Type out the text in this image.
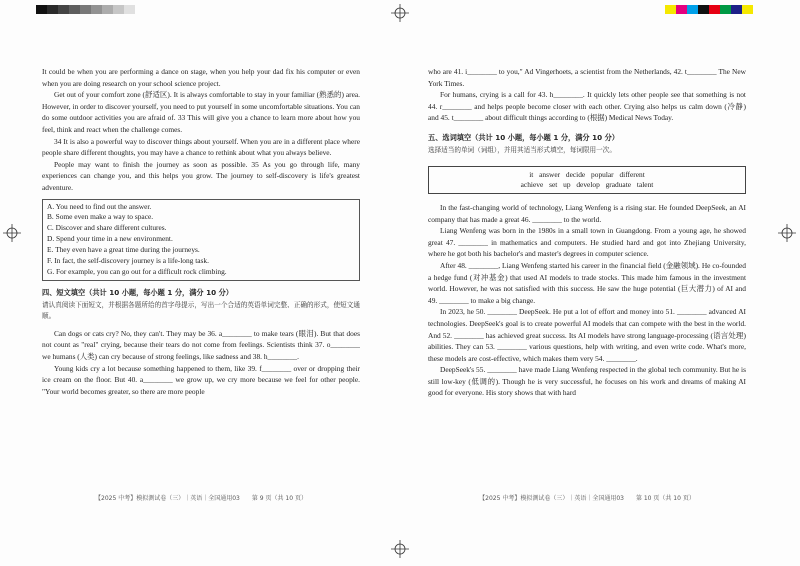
It could be when you are performing a dance on stage, when you help your dad fix his computer or even when you are doing research on your school science project.

Get out of your comfort zone (舒适区). It is always comfortable to stay in your familiar (熟悉的) area. However, in order to discover yourself, you need to put yourself in some uncomfortable situations. You can do some outdoor activities you are afraid of. 33 This will give you a chance to learn more about how you feel, think and react when the challenge comes.

34 It is also a powerful way to discover things about yourself. When you are in a different place where people share different thoughts, you may have a chance to rethink about what you always believe.

People may want to finish the journey as soon as possible. 35 As you go through life, many experiences can change you, and this helps you grow. The journey to self-discovery is life's greatest adventure.

A. You need to find out the answer.
B. Some even make a way to space.
C. Discover and share different cultures.
D. Spend your time in a new environment.
E. They even have a great time during the journeys.
F. In fact, the self-discovery journey is a life-long task.
G. For example, you can go out for a difficult rock climbing.
四、短文填空（共计 10 小题，每小题 1 分，满分 10 分）

请认真阅读下面短文，并根据各题所给的首字母提示，写出一个合适的英语单词完整、正确的形式，使短文通顺。

Can dogs or cats cry? No, they can't. They may be 36. a________ to make tears (眼泪). But that does not count as "real" crying, because their tears do not come from feelings. Scientists think 37. o________ we humans (人类) can cry because of strong feelings, like sadness and 38. h________.

Young kids cry a lot because something happened to them, like 39. f________ over or dropping their ice cream on the floor. But 40. a________ we grow up, we cry more because we feel for other people. "Your world becomes greater, so there are more people

【2025 中考】模拟测试卷（三）｜英语｜全国通用03　　第 9 页（共 10 页）

who are 41. i________ to you," Ad Vingerhoets, a scientist from the Netherlands, 42. t________ The New York Times.

For humans, crying is a call for 43. h________. It quickly lets other people see that something is not 44. r________ and helps people become closer with each other. Crying also helps us calm down (冷静) and 45. t________ about difficult things according to (根据) Medical News Today.

五、选词填空（共计 10 小题，每小题 1 分，满分 10 分）

选择适当的单词（词组），并用其适当形式填空，每词限用一次。

it answer decide popular different
achieve set up develop graduate talent

In the fast-changing world of technology, Liang Wenfeng is a rising star. He founded DeepSeek, an AI company that has made a great 46. ________ to the world.

Liang Wenfeng was born in the 1980s in a small town in Guangdong. From a young age, he showed great 47. ________ in mathematics and computers. He studied hard and got into Zhejiang University, where he got both his bachelor's and master's degrees in computer science.

After 48. ________, Liang Wenfeng started his career in the financial field (金融领域). He co-founded a hedge fund (对冲基金) that used AI models to trade stocks. This made him famous in the investment world. However, he was not satisfied with this success. He saw the huge potential (巨大潜力) of AI and 49. ________ to make a big change.

In 2023, he 50. ________ DeepSeek. He put a lot of effort and money into 51. ________ advanced AI technologies. DeepSeek's goal is to create powerful AI models that can compete with the best in the world. And 52. ________ has achieved great success. Its AI models have strong language-processing (语言处理) abilities. They can 53. ________ various questions, help with writing, and even write code. What's more, these models are cost-effective, which makes them very 54. ________.

DeepSeek's 55. ________ have made Liang Wenfeng respected in the global tech community. But he is still low-key (低调的). Though he is very successful, he focuses on his work and dreams of making AI good for everyone. His story shows that with hard

【2025 中考】模拟测试卷（三）｜英语｜全国通用03　　第 10 页（共 10 页）
